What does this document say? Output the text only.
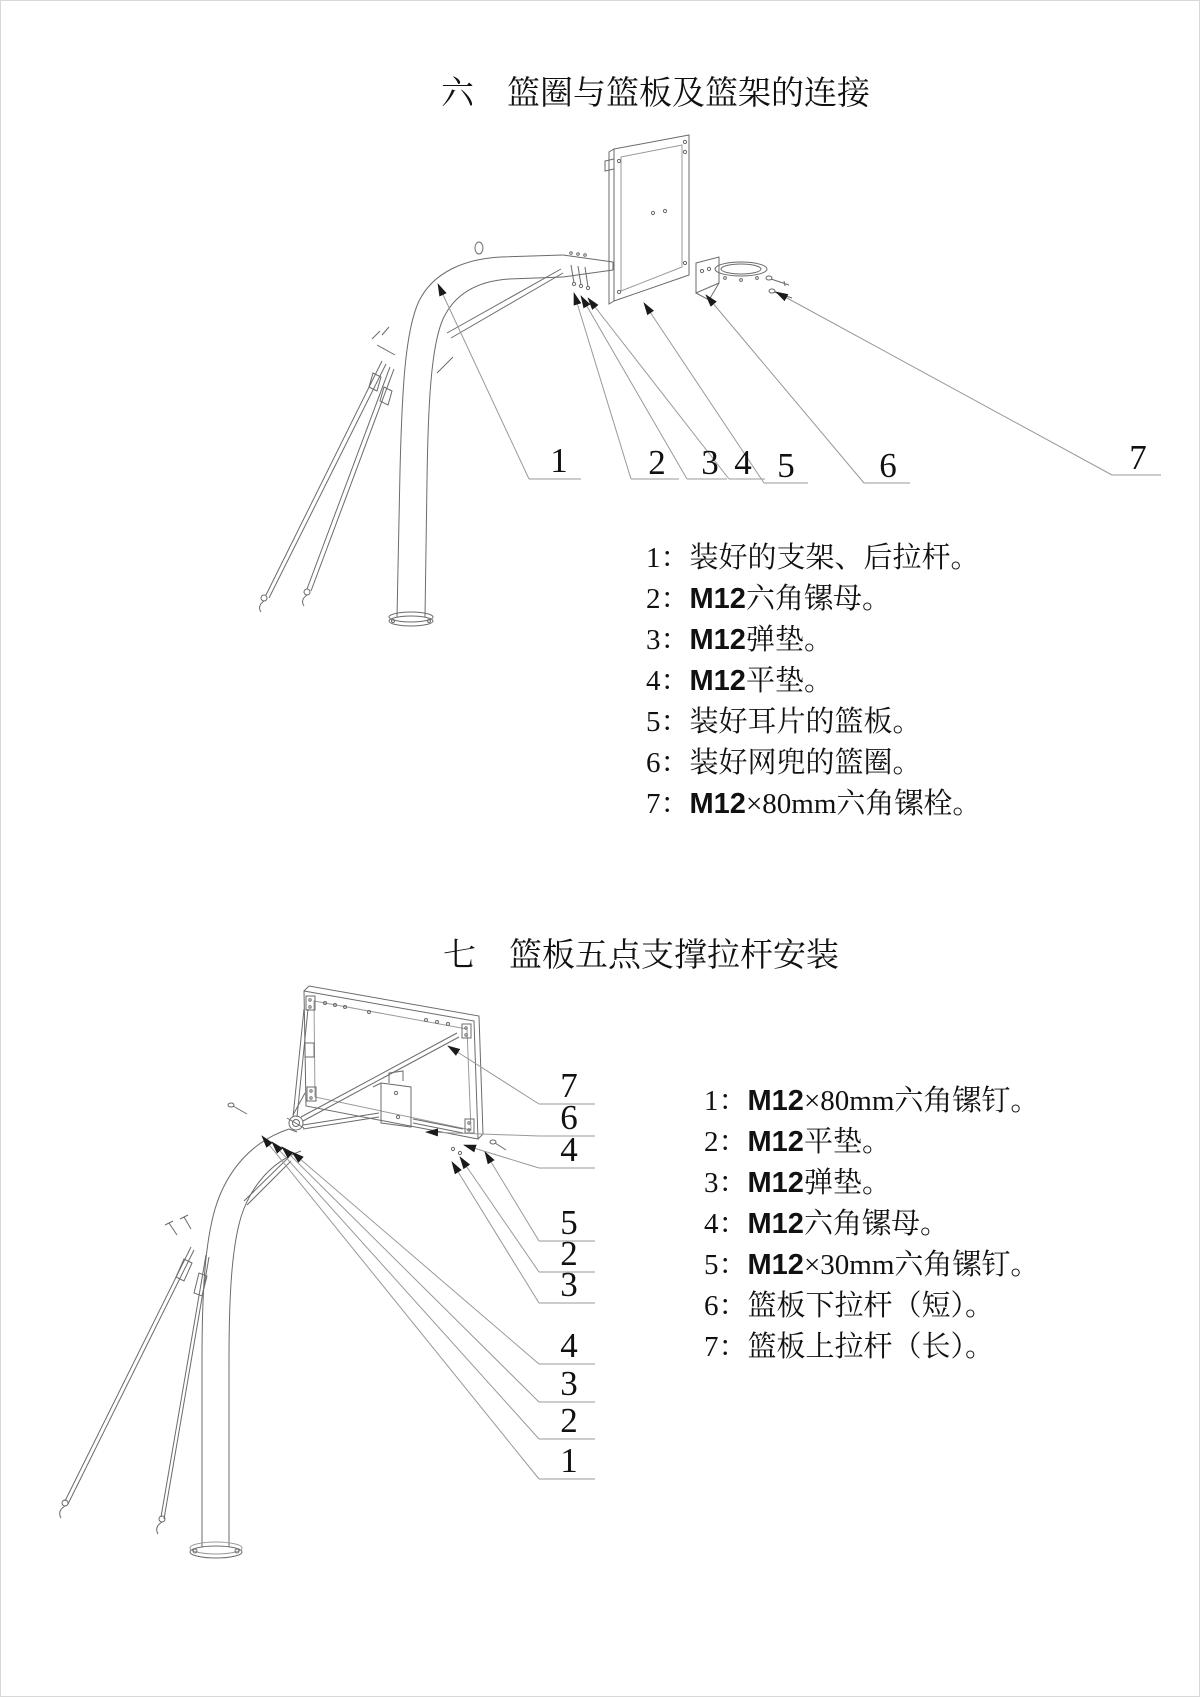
六　篮圈与篮板及篮架的连接
1 2 3 4 5 6	7
1：装好的支架、后拉杆。
2：M12六角镙母。
3：M12弹垫。
4：M12平垫。
5：装好耳片的篮板。
6：装好网兜的篮圈。
7：M12×80mm六角镙栓。
七　篮板五点支撑拉杆安装
7
6
4
5
2
3
4
3
2
1
1：M12×80mm六角镙钉。
2：M12平垫。
3：M12弹垫。
4：M12六角镙母。
5：M12×30mm六角镙钉。
6：篮板下拉杆（短）。
7：篮板上拉杆（长）。
